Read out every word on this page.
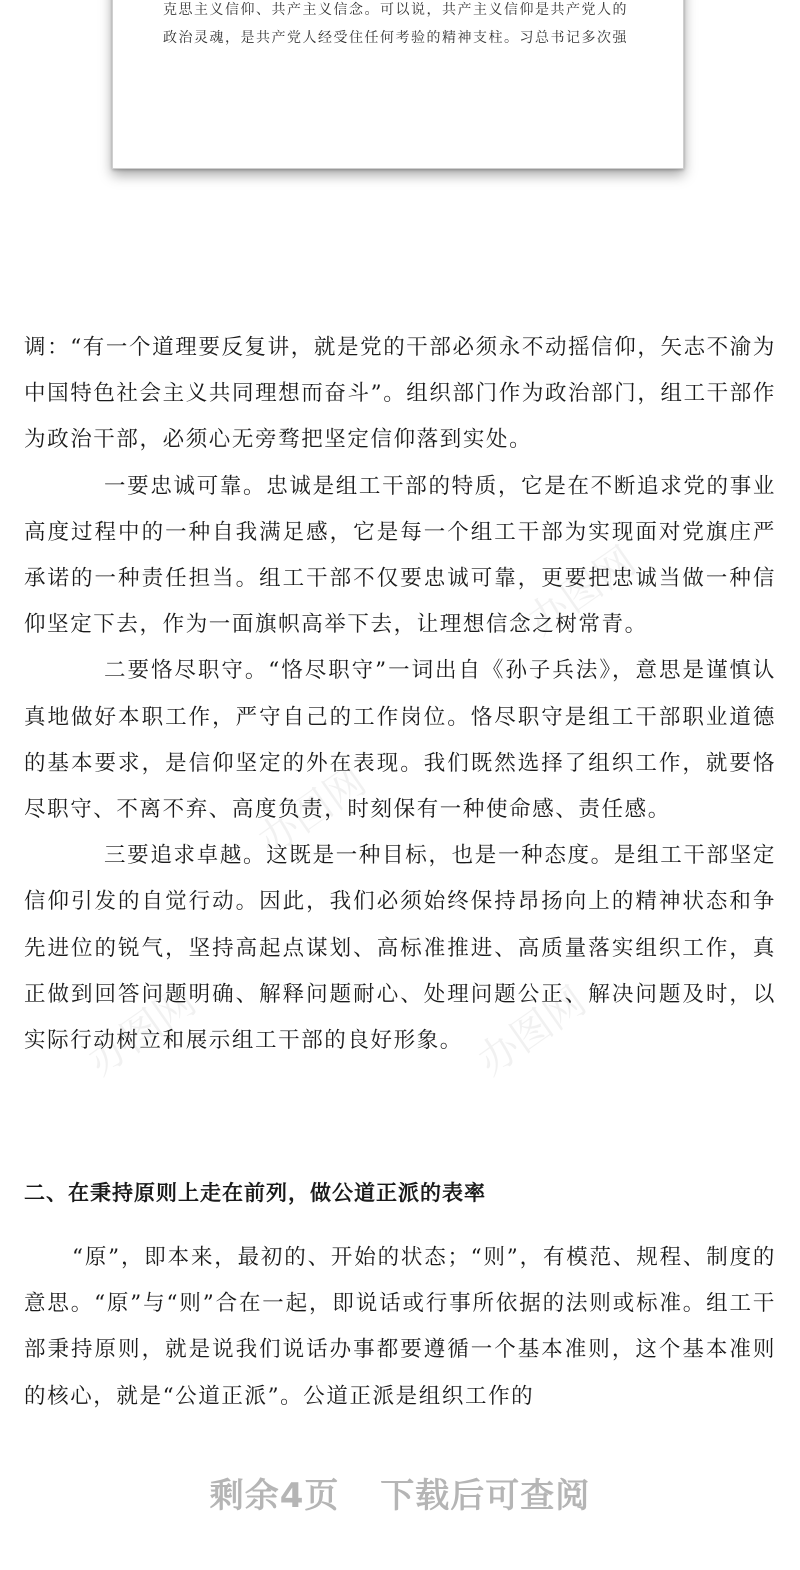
克思主义信仰、共产主义信念。可以说，共产主义信仰是共产党人的
政治灵魂，是共产党人经受住任何考验的精神支柱。习总书记多次强
办图网
办图网
办图网
办图网

调：“有一个道理要反复讲，就是党的干部必须永不动摇信仰，矢志不渝为中国特色社会主义共同理想而奋斗”。组织部门作为政治部门，组工干部作为政治干部，必须心无旁骛把坚定信仰落到实处。

一要忠诚可靠。忠诚是组工干部的特质，它是在不断追求党的事业高度过程中的一种自我满足感，它是每一个组工干部为实现面对党旗庄严承诺的一种责任担当。组工干部不仅要忠诚可靠，更要把忠诚当做一种信仰坚定下去，作为一面旗帜高举下去，让理想信念之树常青。

二要恪尽职守。“恪尽职守”一词出自《孙子兵法》，意思是谨慎认真地做好本职工作，严守自己的工作岗位。恪尽职守是组工干部职业道德的基本要求，是信仰坚定的外在表现。我们既然选择了组织工作，就要恪尽职守、不离不弃、高度负责，时刻保有一种使命感、责任感。

三要追求卓越。这既是一种目标，也是一种态度。是组工干部坚定信仰引发的自觉行动。因此，我们必须始终保持昂扬向上的精神状态和争先进位的锐气，坚持高起点谋划、高标准推进、高质量落实组织工作，真正做到回答问题明确、解释问题耐心、处理问题公正、解决问题及时，以实际行动树立和展示组工干部的良好形象。

二、在秉持原则上走在前列，做公道正派的表率

“原”，即本来，最初的、开始的状态；“则”，有模范、规程、制度的意思。“原”与“则”合在一起，即说话或行事所依据的法则或标准。组工干部秉持原则，就是说我们说话办事都要遵循一个基本准则，这个基本准则的核心，就是“公道正派”。公道正派是组织工作的

剩余4页 下载后可查阅
